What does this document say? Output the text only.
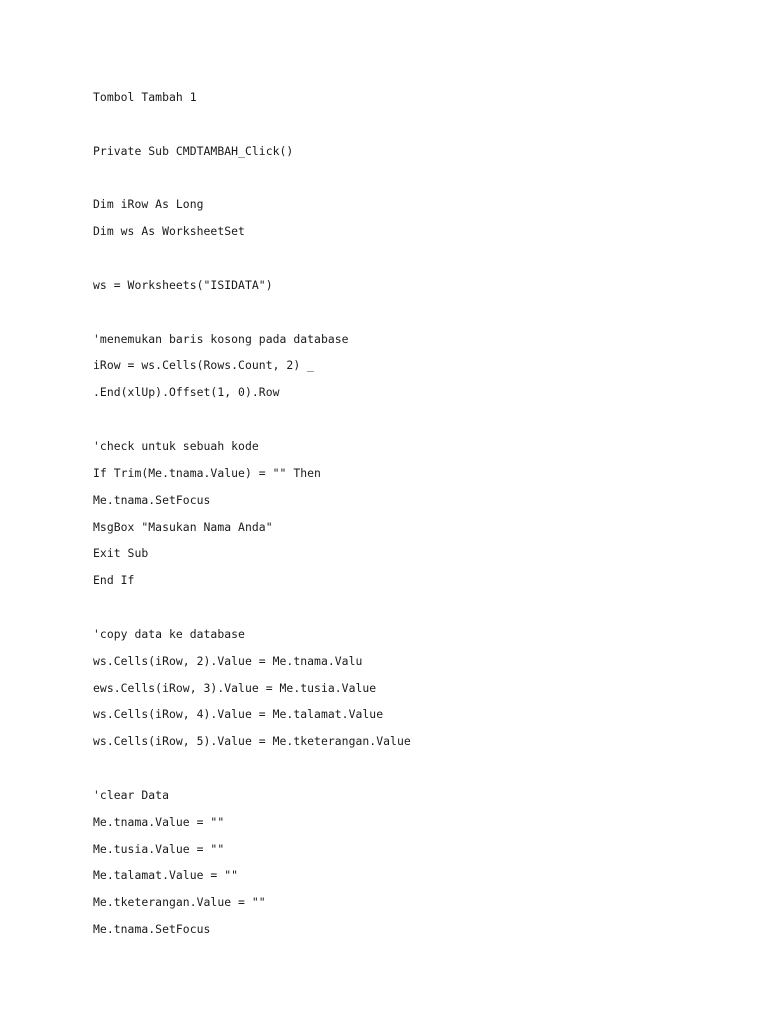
Tombol Tambah 1
Private Sub CMDTAMBAH_Click()
Dim iRow As Long
Dim ws As WorksheetSet
ws = Worksheets("ISIDATA")
'menemukan baris kosong pada database
iRow = ws.Cells(Rows.Count, 2) _
.End(xlUp).Offset(1, 0).Row
'check untuk sebuah kode
If Trim(Me.tnama.Value) = "" Then
Me.tnama.SetFocus
MsgBox "Masukan Nama Anda"
Exit Sub
End If
'copy data ke database
ws.Cells(iRow, 2).Value = Me.tnama.Valu
ews.Cells(iRow, 3).Value = Me.tusia.Value
ws.Cells(iRow, 4).Value = Me.talamat.Value
ws.Cells(iRow, 5).Value = Me.tketerangan.Value
'clear Data
Me.tnama.Value = ""
Me.tusia.Value = ""
Me.talamat.Value = ""
Me.tketerangan.Value = ""
Me.tnama.SetFocus
